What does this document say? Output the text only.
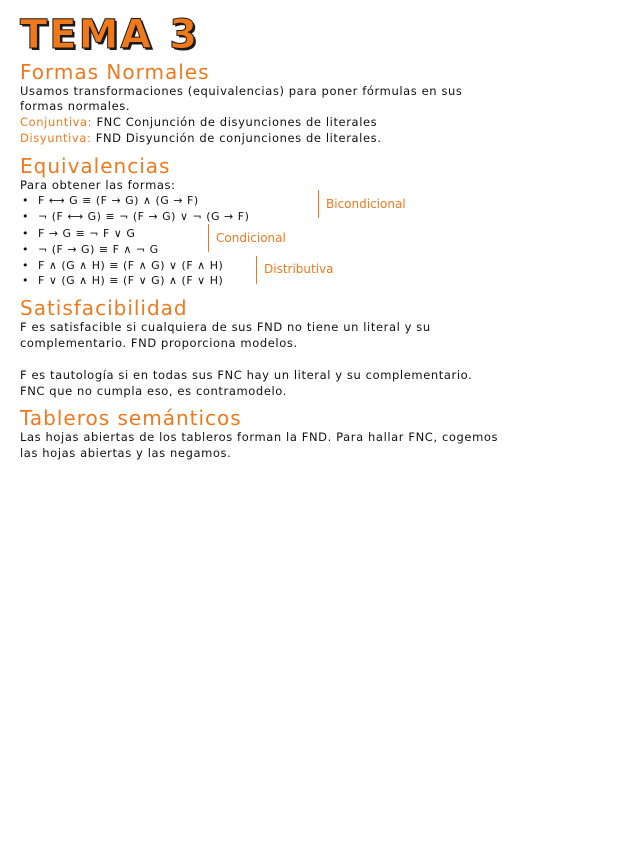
TEMA 3
Formas Normales
Usamos transformaciones (equivalencias) para poner fórmulas en sus
formas normales.
Conjuntiva: FNC Conjunción de disyunciones de literales
Disyuntiva: FND Disyunción de conjunciones de literales.
Equivalencias
Para obtener las formas:
• F ⟷ G ≡ (F → G) ∧ (G → F)
• ¬ (F ⟷ G) ≡ ¬ (F → G) ∨ ¬ (G → F)
• F → G ≡ ¬ F ∨ G
• ¬ (F → G) ≡ F ∧ ¬ G
• F ∧ (G ∧ H) ≡ (F ∧ G) ∨ (F ∧ H)
• F ∨ (G ∧ H) ≡ (F ∨ G) ∧ (F ∨ H)
Bicondicional
Condicional
Distributiva
Satisfacibilidad
F es satisfacible si cualquiera de sus FND no tiene un literal y su
complementario. FND proporciona modelos.
F es tautología si en todas sus FNC hay un literal y su complementario.
FNC que no cumpla eso, es contramodelo.
Tableros semánticos
Las hojas abiertas de los tableros forman la FND. Para hallar FNC, cogemos
las hojas abiertas y las negamos.
